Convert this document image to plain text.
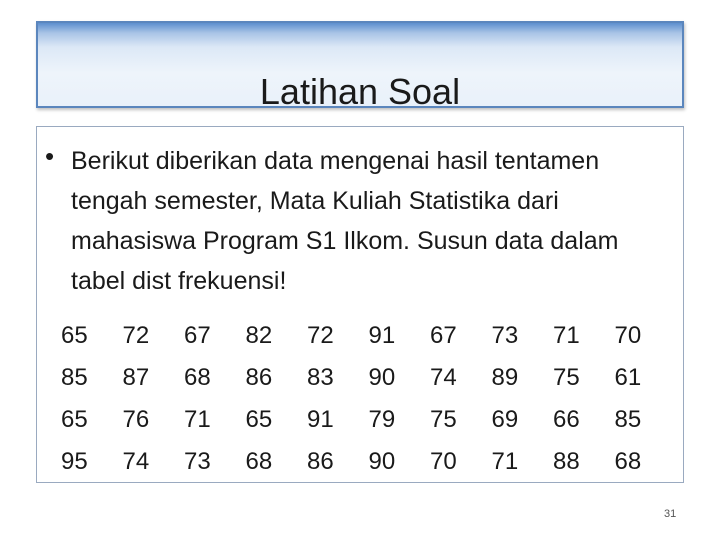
Latihan Soal
• Berikut diberikan data mengenai hasil tentamen tengah semester, Mata Kuliah Statistika dari mahasiswa Program S1 Ilkom. Susun data dalam tabel dist frekuensi!
65	72	67	82	72	91	67	73	71	70
85	87	68	86	83	90	74	89	75	61
65	76	71	65	91	79	75	69	66	85
95	74	73	68	86	90	70	71	88	68
31
